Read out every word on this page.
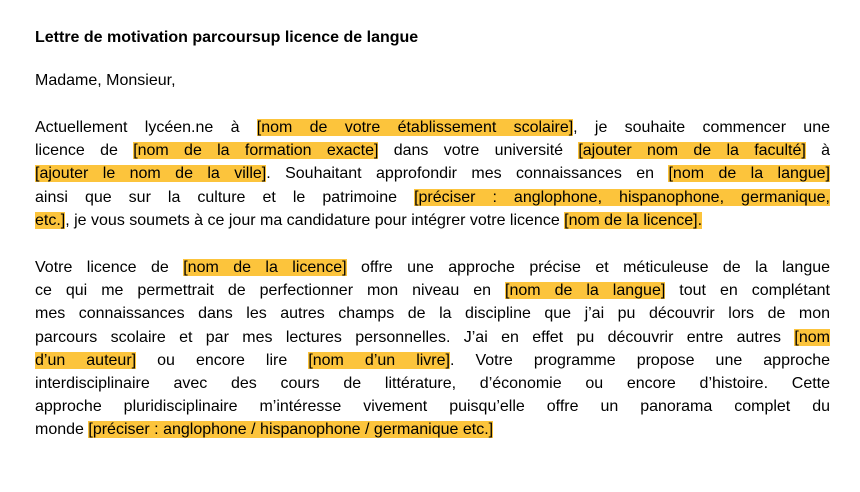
Lettre de motivation parcoursup licence de langue
Madame, Monsieur,
Actuellement lycéen.ne à [nom de votre établissement scolaire], je souhaite commencer une
licence de [nom de la formation exacte] dans votre université [ajouter nom de la faculté] à
[ajouter le nom de la ville]. Souhaitant approfondir mes connaissances en [nom de la langue]
ainsi que sur la culture et le patrimoine [préciser : anglophone, hispanophone, germanique,
etc.], je vous soumets à ce jour ma candidature pour intégrer votre licence [nom de la licence].
Votre licence de [nom de la licence] offre une approche précise et méticuleuse de la langue
ce qui me permettrait de perfectionner mon niveau en [nom de la langue] tout en complétant
mes connaissances dans les autres champs de la discipline que j’ai pu découvrir lors de mon
parcours scolaire et par mes lectures personnelles. J’ai en effet pu découvrir entre autres [nom
d’un auteur] ou encore lire [nom d’un livre]. Votre programme propose une approche
interdisciplinaire avec des cours de littérature, d’économie ou encore d’histoire. Cette
approche pluridisciplinaire m’intéresse vivement puisqu’elle offre un panorama complet du
monde [préciser : anglophone / hispanophone / germanique etc.]
